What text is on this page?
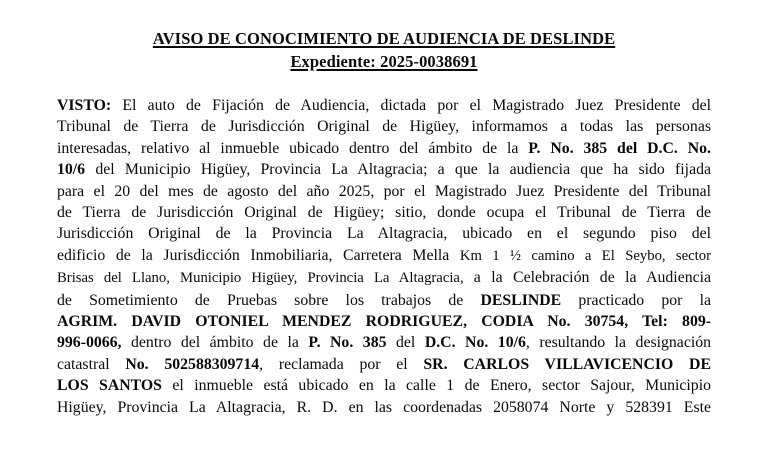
AVISO DE CONOCIMIENTO DE AUDIENCIA DE DESLINDE
Expediente: 2025-0038691
VISTO: El auto de Fijación de Audiencia, dictada por el Magistrado Juez Presidente del
Tribunal de Tierra de Jurisdicción Original de Higüey, informamos a todas las personas
interesadas, relativo al inmueble ubicado dentro del ámbito de la P. No. 385 del D.C. No.
10/6 del Municipio Higüey, Provincia La Altagracia; a que la audiencia que ha sido fijada
para el 20 del mes de agosto del año 2025, por el Magistrado Juez Presidente del Tribunal
de Tierra de Jurisdicción Original de Higüey; sitio, donde ocupa el Tribunal de Tierra de
Jurisdicción Original de la Provincia La Altagracia, ubicado en el segundo piso del
edificio de la Jurisdicción Inmobiliaria, Carretera Mella Km 1 ½ camino a El Seybo, sector
Brisas del Llano, Municipio Higüey, Provincia La Altagracia, a la Celebración de la Audiencia
de Sometimiento de Pruebas sobre los trabajos de DESLINDE practicado por la
AGRIM. DAVID OTONIEL MENDEZ RODRIGUEZ, CODIA No. 30754, Tel: 809-
996-0066, dentro del ámbito de la P. No. 385 del D.C. No. 10/6, resultando la designación
catastral No. 502588309714, reclamada por el SR. CARLOS VILLAVICENCIO DE
LOS SANTOS el inmueble está ubicado en la calle 1 de Enero, sector Sajour, Municipio
Higüey, Provincia La Altagracia, R. D. en las coordenadas 2058074 Norte y 528391 Este
